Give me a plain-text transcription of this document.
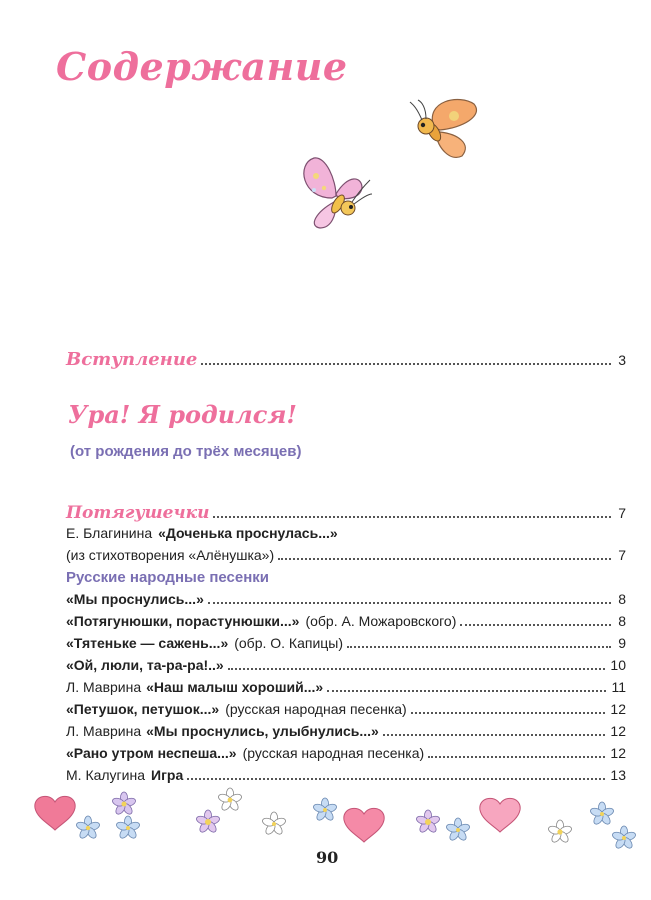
Содержание
Вступление	3
Ура! Я родился!
(от рождения до трёх месяцев)
Потягушечки	7
Е. Благинина «Доченька проснулась...»
(из стихотворения «Алёнушка»)	7
Русские народные песенки
«Мы проснулись...»	8
«Потягунюшки, порастунюшки...» (обр. А. Можаровского)	8
«Тятеньке — сажень...» (обр. О. Капицы)	9
«Ой, люли, та-ра-ра!..»	10
Л. Маврина «Наш малыш хороший...»	11
«Петушок, петушок...» (русская народная песенка)	12
Л. Маврина «Мы проснулись, улыбнулись...»	12
«Рано утром неспеша...» (русская народная песенка)	12
М. Калугина Игра	13
90
